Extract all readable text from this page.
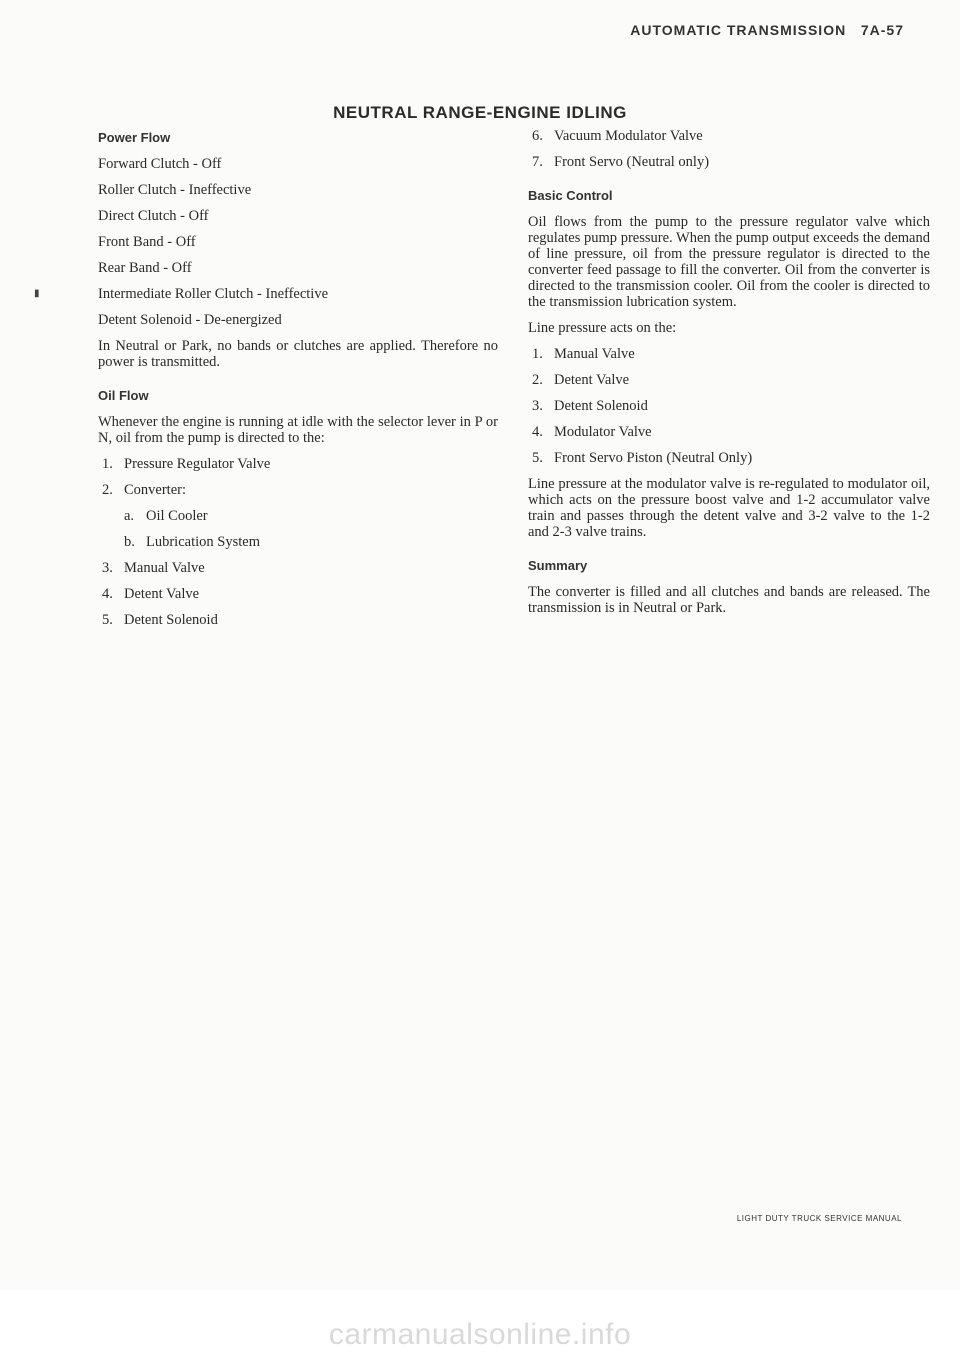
AUTOMATIC TRANSMISSION   7A-57
NEUTRAL RANGE-ENGINE IDLING
▮
Power Flow
Forward Clutch - Off
Roller Clutch - Ineffective
Direct Clutch - Off
Front Band - Off
Rear Band - Off
Intermediate Roller Clutch - Ineffective
Detent Solenoid - De-energized

In Neutral or Park, no bands or clutches are applied. Therefore no power is transmitted.

Oil Flow

Whenever the engine is running at idle with the selector lever in P or N, oil from the pump is directed to the:

1. Pressure Regulator Valve
2. Converter:
a. Oil Cooler
b. Lubrication System
3. Manual Valve
4. Detent Valve
5. Detent Solenoid
6. Vacuum Modulator Valve
7. Front Servo (Neutral only)
Basic Control

Oil flows from the pump to the pressure regulator valve which regulates pump pressure. When the pump output exceeds the demand of line pressure, oil from the pressure regulator is directed to the converter feed passage to fill the converter. Oil from the converter is directed to the transmission cooler. Oil from the cooler is directed to the transmission lubrication system.

Line pressure acts on the:
1. Manual Valve
2. Detent Valve
3. Detent Solenoid
4. Modulator Valve
5. Front Servo Piston (Neutral Only)

Line pressure at the modulator valve is re-regulated to modulator oil, which acts on the pressure boost valve and 1-2 accumulator valve train and passes through the detent valve and 3-2 valve to the 1-2 and 2-3 valve trains.

Summary

The converter is filled and all clutches and bands are released. The transmission is in Neutral or Park.

LIGHT DUTY TRUCK SERVICE MANUAL
carmanualsonline.info
